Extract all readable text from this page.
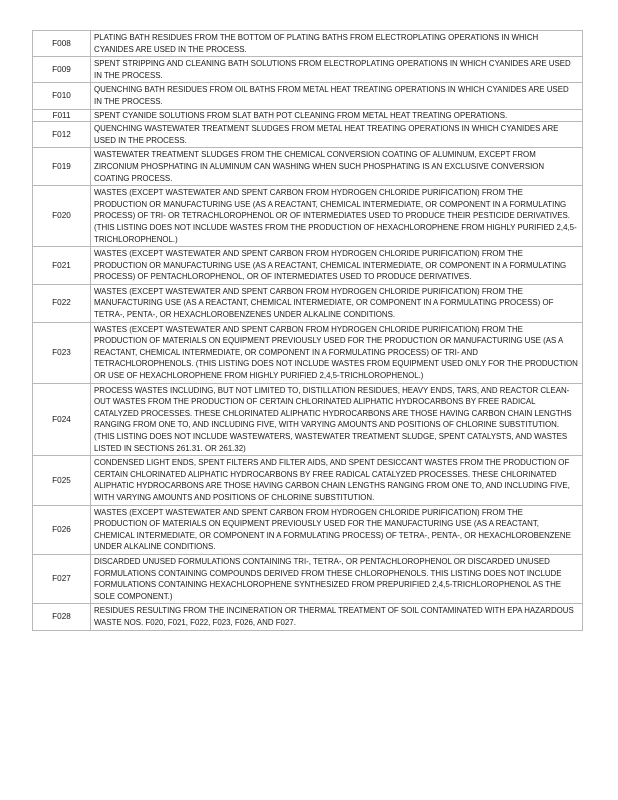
F008	PLATING BATH RESIDUES FROM THE BOTTOM OF PLATING BATHS FROM ELECTROPLATING OPERATIONS IN WHICH CYANIDES ARE USED IN THE PROCESS.
F009	SPENT STRIPPING AND CLEANING BATH SOLUTIONS FROM ELECTROPLATING OPERATIONS IN WHICH CYANIDES ARE USED IN THE PROCESS.
F010	QUENCHING BATH RESIDUES FROM OIL BATHS FROM METAL HEAT TREATING OPERATIONS IN WHICH CYANIDES ARE USED IN THE PROCESS.
F011	SPENT CYANIDE SOLUTIONS FROM SLAT BATH POT CLEANING FROM METAL HEAT TREATING OPERATIONS.
F012	QUENCHING WASTEWATER TREATMENT SLUDGES FROM METAL HEAT TREATING OPERATIONS IN WHICH CYANIDES ARE USED IN THE PROCESS.
F019	WASTEWATER TREATMENT SLUDGES FROM THE CHEMICAL CONVERSION COATING OF ALUMINUM, EXCEPT FROM ZIRCONIUM PHOSPHATING IN ALUMINUM CAN WASHING WHEN SUCH PHOSPHATING IS AN EXCLUSIVE CONVERSION COATING PROCESS.
F020	WASTES (EXCEPT WASTEWATER AND SPENT CARBON FROM HYDROGEN CHLORIDE PURIFICATION) FROM THE PRODUCTION OR MANUFACTURING USE (AS A REACTANT, CHEMICAL INTERMEDIATE, OR COMPONENT IN A FORMULATING PROCESS) OF TRI- OR TETRACHLOROPHENOL OR OF INTERMEDIATES USED TO PRODUCE THEIR PESTICIDE DERIVATIVES. (THIS LISTING DOES NOT INCLUDE WASTES FROM THE PRODUCTION OF HEXACHLOROPHENE FROM HIGHLY PURIFIED 2,4,5-TRICHLOROPHENOL.)
F021	WASTES (EXCEPT WASTEWATER AND SPENT CARBON FROM HYDROGEN CHLORIDE PURIFICATION) FROM THE PRODUCTION OR MANUFACTURING USE (AS A REACTANT, CHEMICAL INTERMEDIATE, OR COMPONENT IN A FORMULATING PROCESS) OF PENTACHLOROPHENOL, OR OF INTERMEDIATES USED TO PRODUCE DERIVATIVES.
F022	WASTES (EXCEPT WASTEWATER AND SPENT CARBON FROM HYDROGEN CHLORIDE PURIFICATION) FROM THE MANUFACTURING USE (AS A REACTANT, CHEMICAL INTERMEDIATE, OR COMPONENT IN A FORMULATING PROCESS) OF TETRA-, PENTA-, OR HEXACHLOROBENZENES UNDER ALKALINE CONDITIONS.
F023	WASTES (EXCEPT WASTEWATER AND SPENT CARBON FROM HYDROGEN CHLORIDE PURIFICATION) FROM THE PRODUCTION OF MATERIALS ON EQUIPMENT PREVIOUSLY USED FOR THE PRODUCTION OR MANUFACTURING USE (AS A REACTANT, CHEMICAL INTERMEDIATE, OR COMPONENT IN A FORMULATING PROCESS) OF TRI- AND TETRACHLOROPHENOLS. (THIS LISTING DOES NOT INCLUDE WASTES FROM EQUIPMENT USED ONLY FOR THE PRODUCTION OR USE OF HEXACHLOROPHENE FROM HIGHLY PURIFIED 2,4,5-TRICHLOROPHENOL.)
F024	PROCESS WASTES INCLUDING, BUT NOT LIMITED TO, DISTILLATION RESIDUES, HEAVY ENDS, TARS, AND REACTOR CLEAN-OUT WASTES FROM THE PRODUCTION OF CERTAIN CHLORINATED ALIPHATIC HYDROCARBONS BY FREE RADICAL CATALYZED PROCESSES. THESE CHLORINATED ALIPHATIC HYDROCARBONS ARE THOSE HAVING CARBON CHAIN LENGTHS RANGING FROM ONE TO, AND INCLUDING FIVE, WITH VARYING AMOUNTS AND POSITIONS OF CHLORINE SUBSTITUTION. (THIS LISTING DOES NOT INCLUDE WASTEWATERS, WASTEWATER TREATMENT SLUDGE, SPENT CATALYSTS, AND WASTES LISTED IN SECTIONS 261.31. OR 261.32)
F025	CONDENSED LIGHT ENDS, SPENT FILTERS AND FILTER AIDS, AND SPENT DESICCANT WASTES FROM THE PRODUCTION OF CERTAIN CHLORINATED ALIPHATIC HYDROCARBONS BY FREE RADICAL CATALYZED PROCESSES. THESE CHLORINATED ALIPHATIC HYDROCARBONS ARE THOSE HAVING CARBON CHAIN LENGTHS RANGING FROM ONE TO, AND INCLUDING FIVE, WITH VARYING AMOUNTS AND POSITIONS OF CHLORINE SUBSTITUTION.
F026	WASTES (EXCEPT WASTEWATER AND SPENT CARBON FROM HYDROGEN CHLORIDE PURIFICATION) FROM THE PRODUCTION OF MATERIALS ON EQUIPMENT PREVIOUSLY USED FOR THE MANUFACTURING USE (AS A REACTANT, CHEMICAL INTERMEDIATE, OR COMPONENT IN A FORMULATING PROCESS) OF TETRA-, PENTA-, OR HEXACHLOROBENZENE UNDER ALKALINE CONDITIONS.
F027	DISCARDED UNUSED FORMULATIONS CONTAINING TRI-, TETRA-, OR PENTACHLOROPHENOL OR DISCARDED UNUSED FORMULATIONS CONTAINING COMPOUNDS DERIVED FROM THESE CHLOROPHENOLS. THIS LISTING DOES NOT INCLUDE FORMULATIONS CONTAINING HEXACHLOROPHENE SYNTHESIZED FROM PREPURIFIED 2,4,5-TRICHLOROPHENOL AS THE SOLE COMPONENT.)
F028	RESIDUES RESULTING FROM THE INCINERATION OR THERMAL TREATMENT OF SOIL CONTAMINATED WITH EPA HAZARDOUS WASTE NOS. F020, F021, F022, F023, F026, AND F027.
